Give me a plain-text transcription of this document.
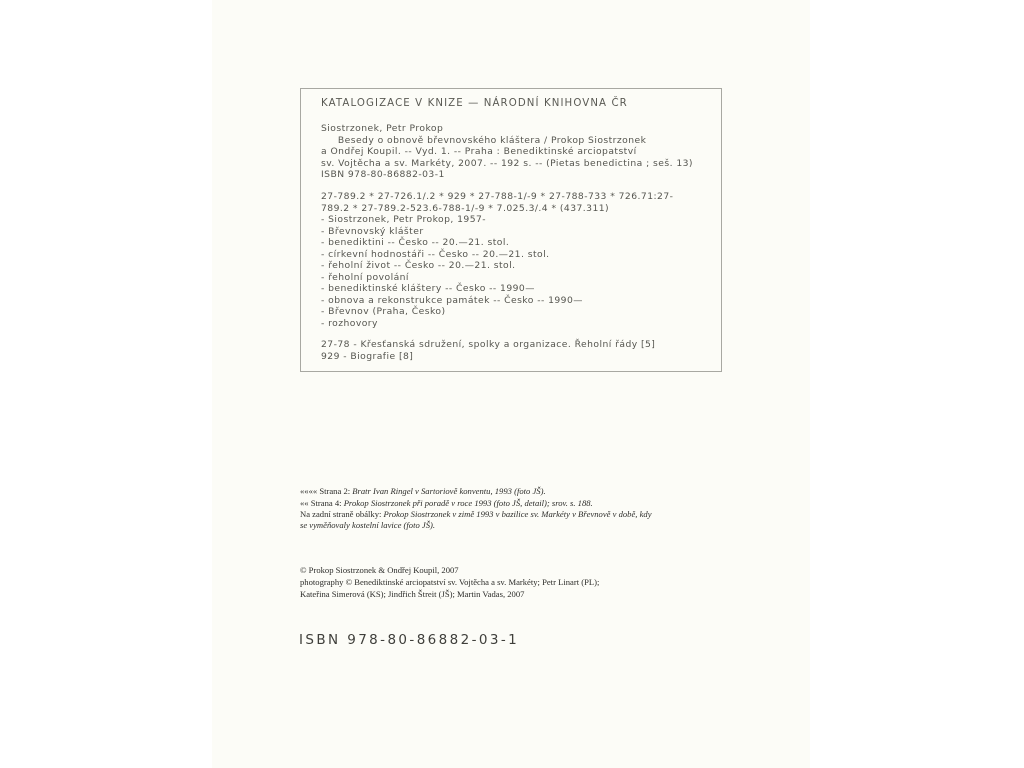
KATALOGIZACE V KNIZE — NÁRODNÍ KNIHOVNA ČR
Siostrzonek, Petr Prokop
Besedy o obnově břevnovského kláštera / Prokop Siostrzonek
a Ondřej Koupil. -- Vyd. 1. -- Praha : Benediktinské arciopatství
sv. Vojtěcha a sv. Markéty, 2007. -- 192 s. -- (Pietas benedictina ; seš. 13)
ISBN 978-80-86882-03-1
27-789.2 * 27-726.1/.2 * 929 * 27-788-1/-9 * 27-788-733 * 726.71:27-
789.2 * 27-789.2-523.6-788-1/-9 * 7.025.3/.4 * (437.311)
- Siostrzonek, Petr Prokop, 1957-
- Břevnovský klášter
- benediktini -- Česko -- 20.—21. stol.
- církevní hodnostáři -- Česko -- 20.—21. stol.
- řeholní život -- Česko -- 20.—21. stol.
- řeholní povolání
- benediktinské kláštery -- Česko -- 1990—
- obnova a rekonstrukce památek -- Česko -- 1990—
- Břevnov (Praha, Česko)
- rozhovory
27-78 - Křesťanská sdružení, spolky a organizace. Řeholní řády [5]
929 - Biografie [8]
«««« Strana 2: Bratr Ivan Ringel v Sartoriově konventu, 1993 (foto JŠ).
«« Strana 4: Prokop Siostrzonek při poradě v roce 1993 (foto JŠ, detail); srov. s. 188.
Na zadní straně obálky: Prokop Siostrzonek v zimě 1993 v bazilice sv. Markéty v Břevnově v době, kdy
se vyměňovaly kostelní lavice (foto JŠ).
© Prokop Siostrzonek & Ondřej Koupil, 2007
photography © Benediktinské arciopatství sv. Vojtěcha a sv. Markéty; Petr Linart (PL);
Kateřina Simerová (KS); Jindřich Štreit (JŠ); Martin Vadas, 2007
ISBN 978-80-86882-03-1
